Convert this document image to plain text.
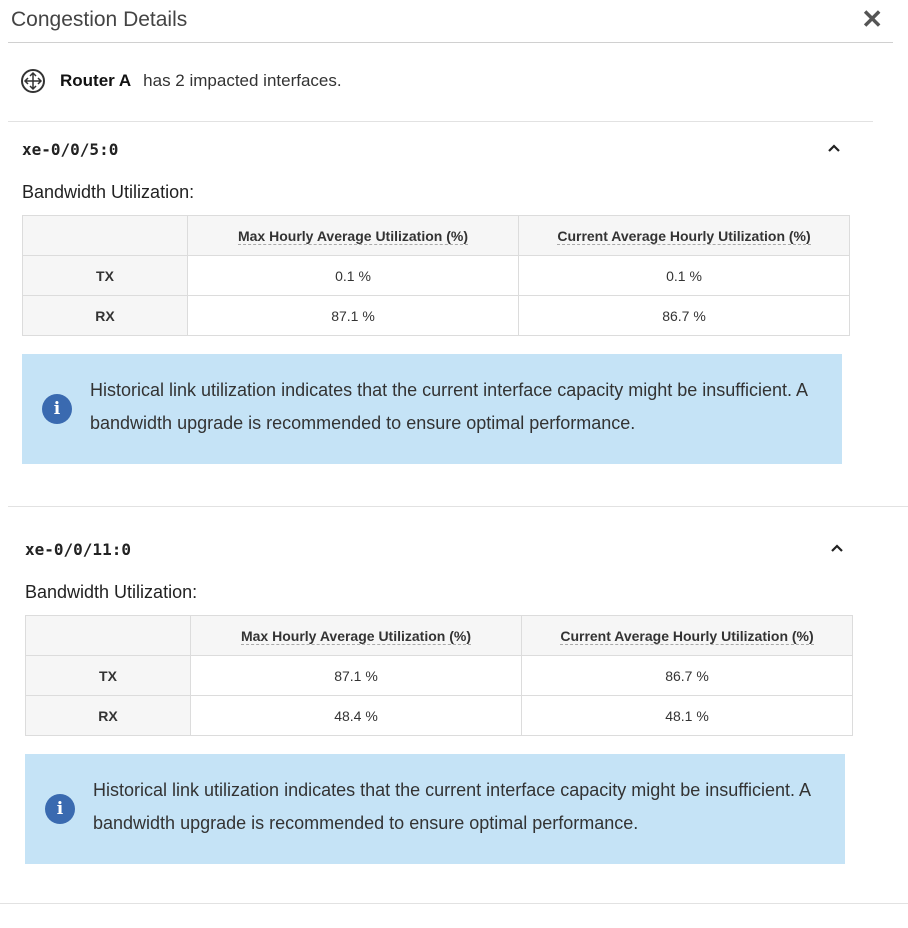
Congestion Details	✕
Router A has 2 impacted interfaces.
xe-0/0/5:0
Bandwidth Utilization:
	Max Hourly Average Utilization (%)	Current Average Hourly Utilization (%)
TX	0.1 %	0.1 %
RX	87.1 %	86.7 %
i
Historical link utilization indicates that the current interface capacity might be insufficient. A bandwidth upgrade is recommended to ensure optimal performance.
xe-0/0/11:0
Bandwidth Utilization:
	Max Hourly Average Utilization (%)	Current Average Hourly Utilization (%)
TX	87.1 %	86.7 %
RX	48.4 %	48.1 %
i
Historical link utilization indicates that the current interface capacity might be insufficient. A bandwidth upgrade is recommended to ensure optimal performance.
